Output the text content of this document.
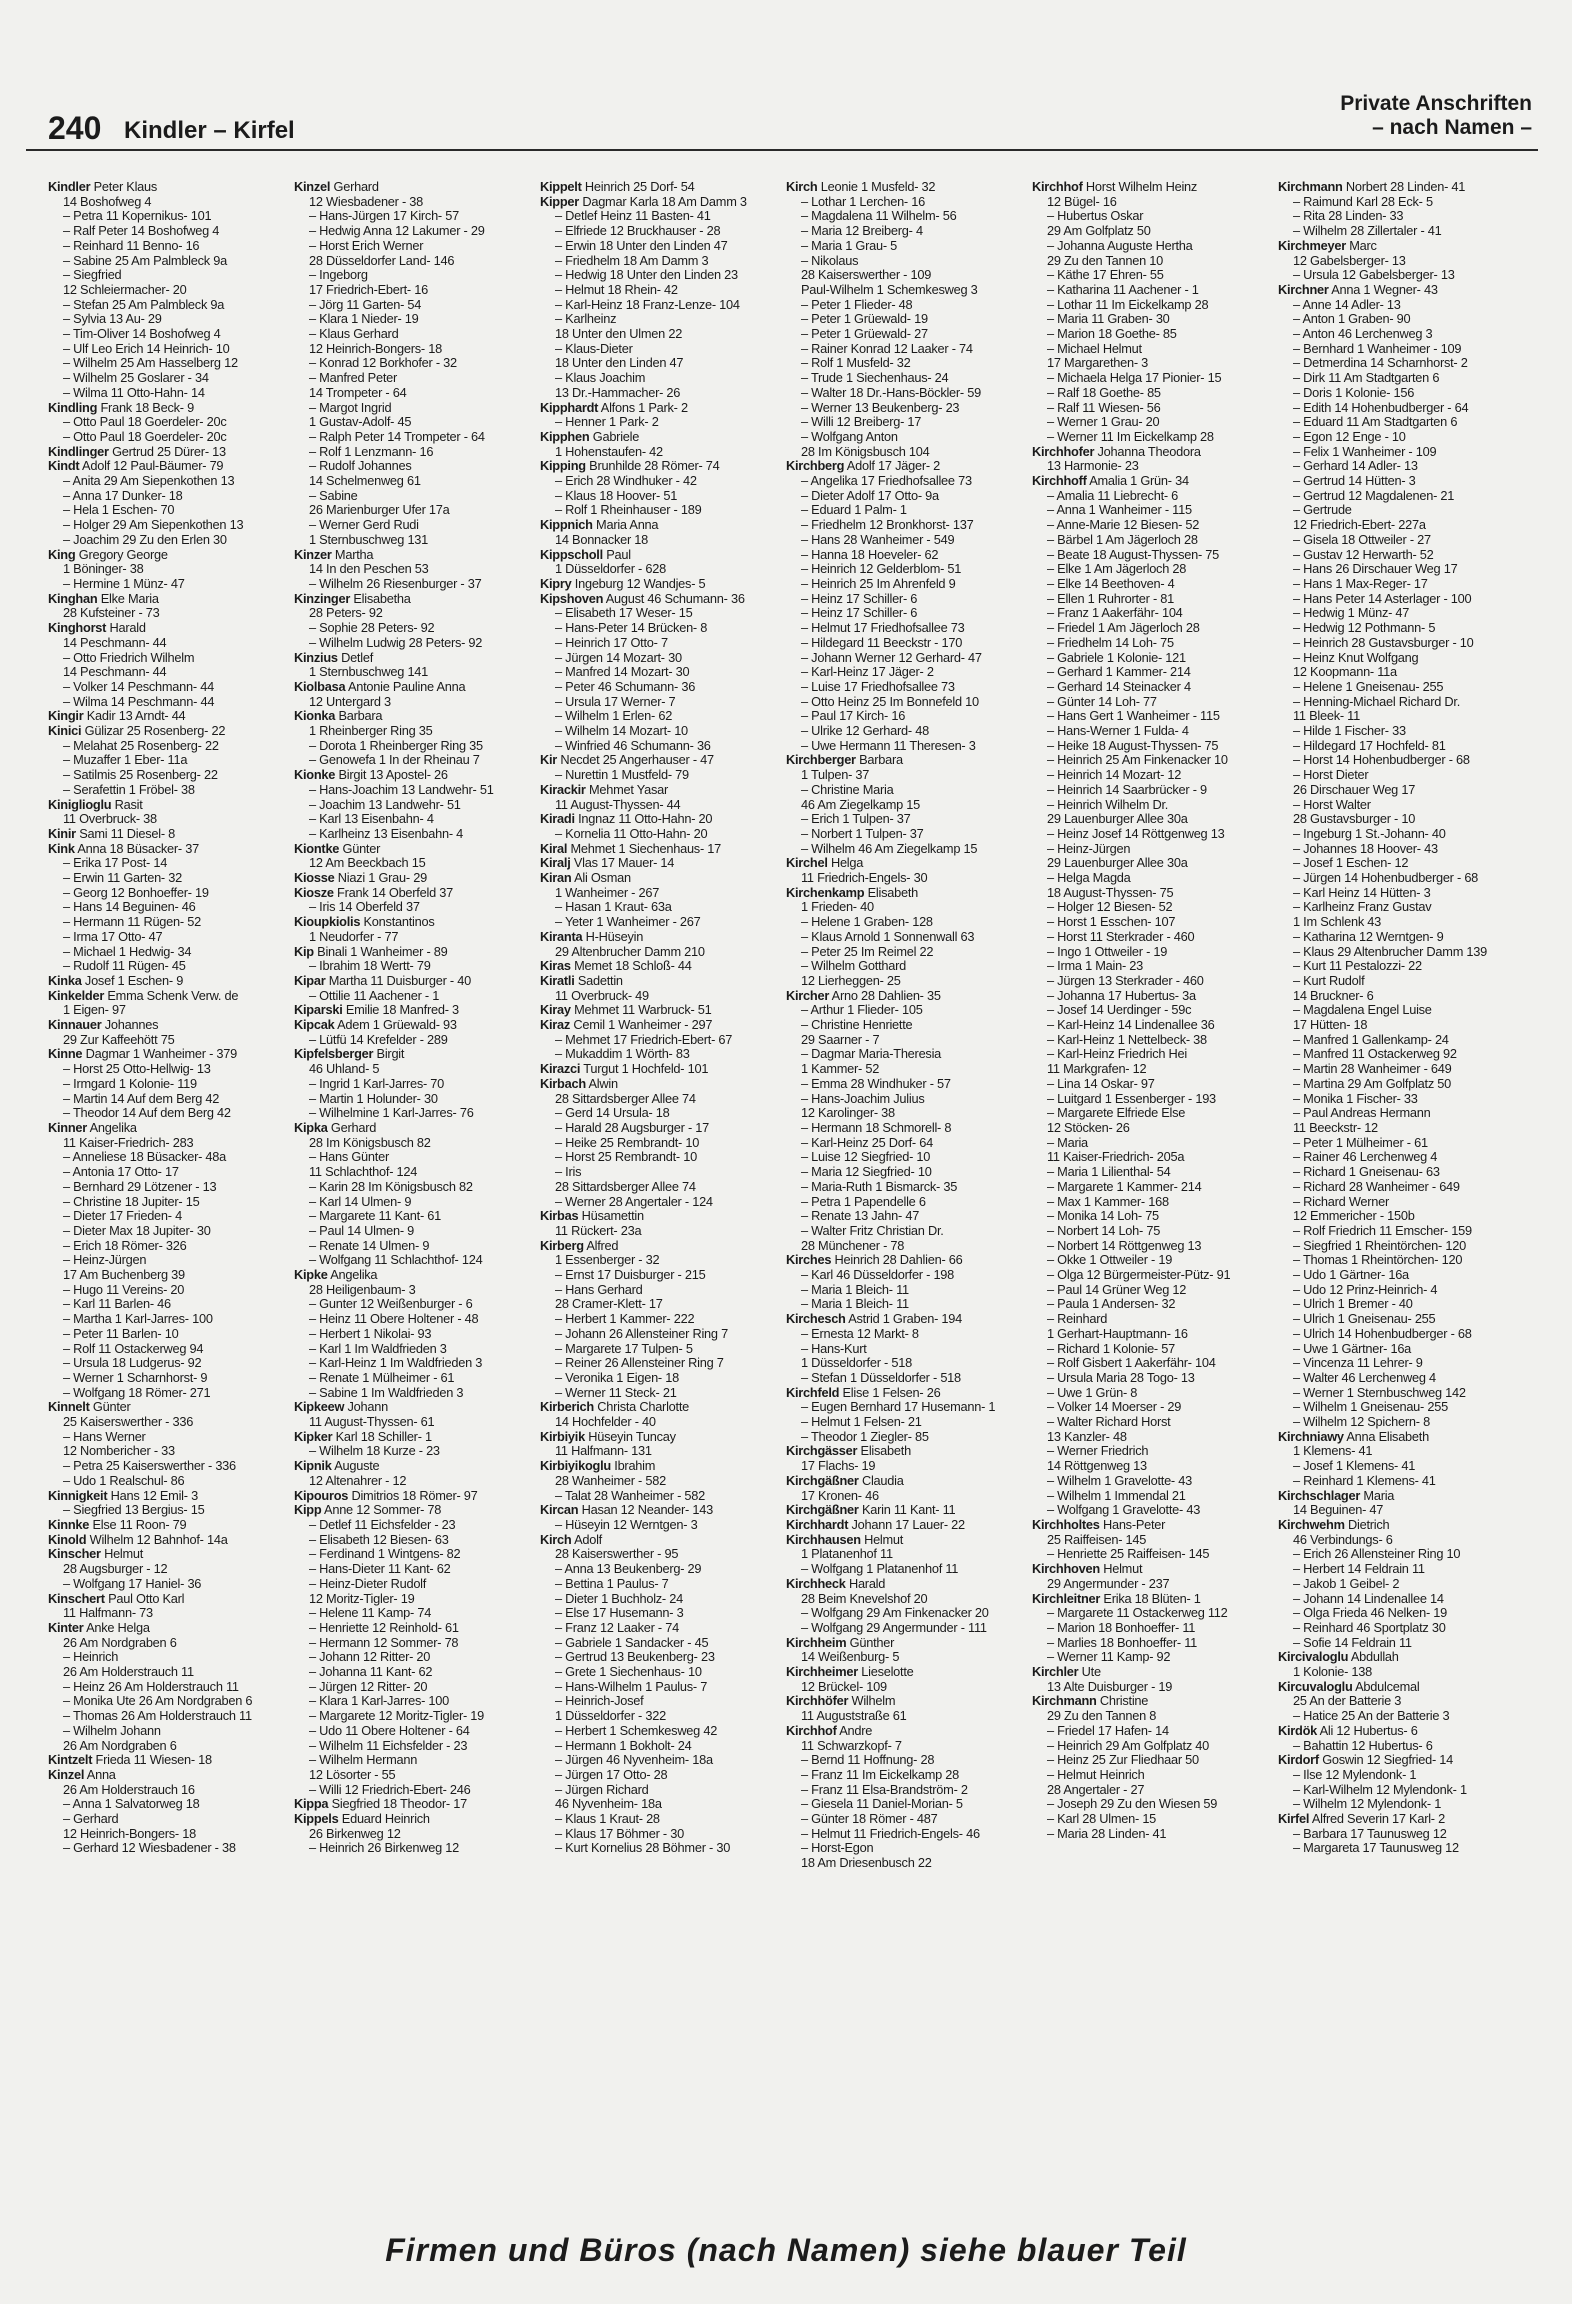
240 Kindler – Kirfel
Private Anschriften
– nach Namen –
Kindler Peter Klaus
14 Boshofweg 4
– Petra 11 Kopernikus- 101
– Ralf Peter 14 Boshofweg 4
– Reinhard 11 Benno- 16
– Sabine 25 Am Palmbleck 9a
– Siegfried
12 Schleiermacher- 20
– Stefan 25 Am Palmbleck 9a
– Sylvia 13 Au- 29
– Tim-Oliver 14 Boshofweg 4
– Ulf Leo Erich 14 Heinrich- 10
– Wilhelm 25 Am Hasselberg 12
– Wilhelm 25 Goslarer - 34
– Wilma 11 Otto-Hahn- 14
Kindling Frank 18 Beck- 9
– Otto Paul 18 Goerdeler- 20c
– Otto Paul 18 Goerdeler- 20c
Kindlinger Gertrud 25 Dürer- 13
Kindt Adolf 12 Paul-Bäumer- 79
– Anita 29 Am Siepenkothen 13
– Anna 17 Dunker- 18
– Hela 1 Eschen- 70
– Holger 29 Am Siepenkothen 13
– Joachim 29 Zu den Erlen 30
King Gregory George
1 Böninger- 38
– Hermine 1 Münz- 47
Kinghan Elke Maria
28 Kufsteiner - 73
Kinghorst Harald
14 Peschmann- 44
– Otto Friedrich Wilhelm
14 Peschmann- 44
– Volker 14 Peschmann- 44
– Wilma 14 Peschmann- 44
Kingir Kadir 13 Arndt- 44
Kinici Gülizar 25 Rosenberg- 22
– Melahat 25 Rosenberg- 22
– Muzaffer 1 Eber- 11a
– Satilmis 25 Rosenberg- 22
– Serafettin 1 Fröbel- 38
Kiniglioglu Rasit
11 Overbruck- 38
Kinir Sami 11 Diesel- 8
Kink Anna 18 Büsacker- 37
– Erika 17 Post- 14
– Erwin 11 Garten- 32
– Georg 12 Bonhoeffer- 19
– Hans 14 Beguinen- 46
– Hermann 11 Rügen- 52
– Irma 17 Otto- 47
– Michael 1 Hedwig- 34
– Rudolf 11 Rügen- 45
Kinka Josef 1 Eschen- 9
Kinkelder Emma Schenk Verw. de
1 Eigen- 97
Kinnauer Johannes
29 Zur Kaffeehött 75
Kinne Dagmar 1 Wanheimer - 379
– Horst 25 Otto-Hellwig- 13
– Irmgard 1 Kolonie- 119
– Martin 14 Auf dem Berg 42
– Theodor 14 Auf dem Berg 42
Kinner Angelika
11 Kaiser-Friedrich- 283
– Anneliese 18 Büsacker- 48a
– Antonia 17 Otto- 17
– Bernhard 29 Lötzener - 13
– Christine 18 Jupiter- 15
– Dieter 17 Frieden- 4
– Dieter Max 18 Jupiter- 30
– Erich 18 Römer- 326
– Heinz-Jürgen
17 Am Buchenberg 39
– Hugo 11 Vereins- 20
– Karl 11 Barlen- 46
– Martha 1 Karl-Jarres- 100
– Peter 11 Barlen- 10
– Rolf 11 Ostackerweg 94
– Ursula 18 Ludgerus- 92
– Werner 1 Scharnhorst- 9
– Wolfgang 18 Römer- 271
Kinnelt Günter
25 Kaiserswerther - 336
– Hans Werner
12 Nombericher - 33
– Petra 25 Kaiserswerther - 336
– Udo 1 Realschul- 86
Kinnigkeit Hans 12 Emil- 3
– Siegfried 13 Bergius- 15
Kinnke Else 11 Roon- 79
Kinold Wilhelm 12 Bahnhof- 14a
Kinscher Helmut
28 Augsburger - 12
– Wolfgang 17 Haniel- 36
Kinschert Paul Otto Karl
11 Halfmann- 73
Kinter Anke Helga
26 Am Nordgraben 6
– Heinrich
26 Am Holderstrauch 11
– Heinz 26 Am Holderstrauch 11
– Monika Ute 26 Am Nordgraben 6
– Thomas 26 Am Holderstrauch 11
– Wilhelm Johann
26 Am Nordgraben 6
Kintzelt Frieda 11 Wiesen- 18
Kinzel Anna
26 Am Holderstrauch 16
– Anna 1 Salvatorweg 18
– Gerhard
12 Heinrich-Bongers- 18
– Gerhard 12 Wiesbadener - 38
Kinzel Gerhard
12 Wiesbadener - 38
– Hans-Jürgen 17 Kirch- 57
– Hedwig Anna 12 Lakumer - 29
– Horst Erich Werner
28 Düsseldorfer Land- 146
– Ingeborg
17 Friedrich-Ebert- 16
– Jörg 11 Garten- 54
– Klara 1 Nieder- 19
– Klaus Gerhard
12 Heinrich-Bongers- 18
– Konrad 12 Borkhofer - 32
– Manfred Peter
14 Trompeter - 64
– Margot Ingrid
1 Gustav-Adolf- 45
– Ralph Peter 14 Trompeter - 64
– Rolf 1 Lenzmann- 16
– Rudolf Johannes
14 Schelmenweg 61
– Sabine
26 Marienburger Ufer 17a
– Werner Gerd Rudi
1 Sternbuschweg 131
Kinzer Martha
14 In den Peschen 53
– Wilhelm 26 Riesenburger - 37
Kinzinger Elisabetha
28 Peters- 92
– Sophie 28 Peters- 92
– Wilhelm Ludwig 28 Peters- 92
Kinzius Detlef
1 Sternbuschweg 141
Kiolbasa Antonie Pauline Anna
12 Untergard 3
Kionka Barbara
1 Rheinberger Ring 35
– Dorota 1 Rheinberger Ring 35
– Genowefa 1 In der Rheinau 7
Kionke Birgit 13 Apostel- 26
– Hans-Joachim 13 Landwehr- 51
– Joachim 13 Landwehr- 51
– Karl 13 Eisenbahn- 4
– Karlheinz 13 Eisenbahn- 4
Kiontke Günter
12 Am Beeckbach 15
Kiosse Niazi 1 Grau- 29
Kiosze Frank 14 Oberfeld 37
– Iris 14 Oberfeld 37
Kioupkiolis Konstantinos
1 Neudorfer - 77
Kip Binali 1 Wanheimer - 89
– Ibrahim 18 Wertt- 79
Kipar Martha 11 Duisburger - 40
– Ottilie 11 Aachener - 1
Kiparski Emilie 18 Manfred- 3
Kipcak Adem 1 Grüewald- 93
– Lütfü 14 Krefelder - 289
Kipfelsberger Birgit
46 Uhland- 5
– Ingrid 1 Karl-Jarres- 70
– Martin 1 Holunder- 30
– Wilhelmine 1 Karl-Jarres- 76
Kipka Gerhard
28 Im Königsbusch 82
– Hans Günter
11 Schlachthof- 124
– Karin 28 Im Königsbusch 82
– Karl 14 Ulmen- 9
– Margarete 11 Kant- 61
– Paul 14 Ulmen- 9
– Renate 14 Ulmen- 9
– Wolfgang 11 Schlachthof- 124
Kipke Angelika
28 Heiligenbaum- 3
– Gunter 12 Weißenburger - 6
– Heinz 11 Obere Holtener - 48
– Herbert 1 Nikolai- 93
– Karl 1 Im Waldfrieden 3
– Karl-Heinz 1 Im Waldfrieden 3
– Renate 1 Mülheimer - 61
– Sabine 1 Im Waldfrieden 3
Kipkeew Johann
11 August-Thyssen- 61
Kipker Karl 18 Schiller- 1
– Wilhelm 18 Kurze - 23
Kipnik Auguste
12 Altenahrer - 12
Kipouros Dimitrios 18 Römer- 97
Kipp Anne 12 Sommer- 78
– Detlef 11 Eichsfelder - 23
– Elisabeth 12 Biesen- 63
– Ferdinand 1 Wintgens- 82
– Hans-Dieter 11 Kant- 62
– Heinz-Dieter Rudolf
12 Moritz-Tigler- 19
– Helene 11 Kamp- 74
– Henriette 12 Reinhold- 61
– Hermann 12 Sommer- 78
– Johann 12 Ritter- 20
– Johanna 11 Kant- 62
– Jürgen 12 Ritter- 20
– Klara 1 Karl-Jarres- 100
– Margarete 12 Moritz-Tigler- 19
– Udo 11 Obere Holtener - 64
– Wilhelm 11 Eichsfelder - 23
– Wilhelm Hermann
12 Lösorter - 55
– Willi 12 Friedrich-Ebert- 246
Kippa Siegfried 18 Theodor- 17
Kippels Eduard Heinrich
26 Birkenweg 12
– Heinrich 26 Birkenweg 12
Kippelt Heinrich 25 Dorf- 54
Kipper Dagmar Karla 18 Am Damm 3
– Detlef Heinz 11 Basten- 41
– Elfriede 12 Bruckhauser - 28
– Erwin 18 Unter den Linden 47
– Friedhelm 18 Am Damm 3
– Hedwig 18 Unter den Linden 23
– Helmut 18 Rhein- 42
– Karl-Heinz 18 Franz-Lenze- 104
– Karlheinz
18 Unter den Ulmen 22
– Klaus-Dieter
18 Unter den Linden 47
– Klaus Joachim
13 Dr.-Hammacher- 26
Kipphardt Alfons 1 Park- 2
– Henner 1 Park- 2
Kipphen Gabriele
1 Hohenstaufen- 42
Kipping Brunhilde 28 Römer- 74
– Erich 28 Windhuker - 42
– Klaus 18 Hoover- 51
– Rolf 1 Rheinhauser - 189
Kippnich Maria Anna
14 Bonnacker 18
Kippscholl Paul
1 Düsseldorfer - 628
Kipry Ingeburg 12 Wandjes- 5
Kipshoven August 46 Schumann- 36
– Elisabeth 17 Weser- 15
– Hans-Peter 14 Brücken- 8
– Heinrich 17 Otto- 7
– Jürgen 14 Mozart- 30
– Manfred 14 Mozart- 30
– Peter 46 Schumann- 36
– Ursula 17 Werner- 7
– Wilhelm 1 Erlen- 62
– Wilhelm 14 Mozart- 10
– Winfried 46 Schumann- 36
Kir Necdet 25 Angerhauser - 47
– Nurettin 1 Mustfeld- 79
Kirackir Mehmet Yasar
11 August-Thyssen- 44
Kiradi Ingnaz 11 Otto-Hahn- 20
– Kornelia 11 Otto-Hahn- 20
Kiral Mehmet 1 Siechenhaus- 17
Kiralj Vlas 17 Mauer- 14
Kiran Ali Osman
1 Wanheimer - 267
– Hasan 1 Kraut- 63a
– Yeter 1 Wanheimer - 267
Kiranta H-Hüseyin
29 Altenbrucher Damm 210
Kiras Memet 18 Schloß- 44
Kiratli Sadettin
11 Overbruck- 49
Kiray Mehmet 11 Warbruck- 51
Kiraz Cemil 1 Wanheimer - 297
– Mehmet 17 Friedrich-Ebert- 67
– Mukaddim 1 Wörth- 83
Kirazci Turgut 1 Hochfeld- 101
Kirbach Alwin
28 Sittardsberger Allee 74
– Gerd 14 Ursula- 18
– Harald 28 Augsburger - 17
– Heike 25 Rembrandt- 10
– Horst 25 Rembrandt- 10
– Iris
28 Sittardsberger Allee 74
– Werner 28 Angertaler - 124
Kirbas Hüsamettin
11 Rückert- 23a
Kirberg Alfred
1 Essenberger - 32
– Ernst 17 Duisburger - 215
– Hans Gerhard
28 Cramer-Klett- 17
– Herbert 1 Kammer- 222
– Johann 26 Allensteiner Ring 7
– Margarete 17 Tulpen- 5
– Reiner 26 Allensteiner Ring 7
– Veronika 1 Eigen- 18
– Werner 11 Steck- 21
Kirberich Christa Charlotte
14 Hochfelder - 40
Kirbiyik Hüseyin Tuncay
11 Halfmann- 131
Kirbiyikoglu Ibrahim
28 Wanheimer - 582
– Talat 28 Wanheimer - 582
Kircan Hasan 12 Neander- 143
– Hüseyin 12 Werntgen- 3
Kirch Adolf
28 Kaiserswerther - 95
– Anna 13 Beukenberg- 29
– Bettina 1 Paulus- 7
– Dieter 1 Buchholz- 24
– Else 17 Husemann- 3
– Franz 12 Laaker - 74
– Gabriele 1 Sandacker - 45
– Gertrud 13 Beukenberg- 23
– Grete 1 Siechenhaus- 10
– Hans-Wilhelm 1 Paulus- 7
– Heinrich-Josef
1 Düsseldorfer - 322
– Herbert 1 Schemkesweg 42
– Hermann 1 Bokholt- 24
– Jürgen 46 Nyvenheim- 18a
– Jürgen 17 Otto- 28
– Jürgen Richard
46 Nyvenheim- 18a
– Klaus 1 Kraut- 28
– Klaus 17 Böhmer - 30
– Kurt Kornelius 28 Böhmer - 30
Kirch Leonie 1 Musfeld- 32
– Lothar 1 Lerchen- 16
– Magdalena 11 Wilhelm- 56
– Maria 12 Breiberg- 4
– Maria 1 Grau- 5
– Nikolaus
28 Kaiserswerther - 109
Paul-Wilhelm 1 Schemkesweg 3
– Peter 1 Flieder- 48
– Peter 1 Grüewald- 19
– Peter 1 Grüewald- 27
– Rainer Konrad 12 Laaker - 74
– Rolf 1 Musfeld- 32
– Trude 1 Siechenhaus- 24
– Walter 18 Dr.-Hans-Böckler- 59
– Werner 13 Beukenberg- 23
– Willi 12 Breiberg- 17
– Wolfgang Anton
28 Im Königsbusch 104
Kirchberg Adolf 17 Jäger- 2
– Angelika 17 Friedhofsallee 73
– Dieter Adolf 17 Otto- 9a
– Eduard 1 Palm- 1
– Friedhelm 12 Bronkhorst- 137
– Hans 28 Wanheimer - 549
– Hanna 18 Hoeveler- 62
– Heinrich 12 Gelderblom- 51
– Heinrich 25 Im Ahrenfeld 9
– Heinz 17 Schiller- 6
– Heinz 17 Schiller- 6
– Helmut 17 Friedhofsallee 73
– Hildegard 11 Beeckstr - 170
– Johann Werner 12 Gerhard- 47
– Karl-Heinz 17 Jäger- 2
– Luise 17 Friedhofsallee 73
– Otto Heinz 25 Im Bonnefeld 10
– Paul 17 Kirch- 16
– Ulrike 12 Gerhard- 48
– Uwe Hermann 11 Theresen- 3
Kirchberger Barbara
1 Tulpen- 37
– Christine Maria
46 Am Ziegelkamp 15
– Erich 1 Tulpen- 37
– Norbert 1 Tulpen- 37
– Wilhelm 46 Am Ziegelkamp 15
Kirchel Helga
11 Friedrich-Engels- 30
Kirchenkamp Elisabeth
1 Frieden- 40
– Helene 1 Graben- 128
– Klaus Arnold 1 Sonnenwall 63
– Peter 25 Im Reimel 22
– Wilhelm Gotthard
12 Lierheggen- 25
Kircher Arno 28 Dahlien- 35
– Arthur 1 Flieder- 105
– Christine Henriette
29 Saarner - 7
– Dagmar Maria-Theresia
1 Kammer- 52
– Emma 28 Windhuker - 57
– Hans-Joachim Julius
12 Karolinger- 38
– Hermann 18 Schmorell- 8
– Karl-Heinz 25 Dorf- 64
– Luise 12 Siegfried- 10
– Maria 12 Siegfried- 10
– Maria-Ruth 1 Bismarck- 35
– Petra 1 Papendelle 6
– Renate 13 Jahn- 47
– Walter Fritz Christian Dr.
28 Münchener - 78
Kirches Heinrich 28 Dahlien- 66
– Karl 46 Düsseldorfer - 198
– Maria 1 Bleich- 11
– Maria 1 Bleich- 11
Kirchesch Astrid 1 Graben- 194
– Ernesta 12 Markt- 8
– Hans-Kurt
1 Düsseldorfer - 518
– Stefan 1 Düsseldorfer - 518
Kirchfeld Elise 1 Felsen- 26
– Eugen Bernhard 17 Husemann- 1
– Helmut 1 Felsen- 21
– Theodor 1 Ziegler- 85
Kirchgässer Elisabeth
17 Flachs- 19
Kirchgäßner Claudia
17 Kronen- 46
Kirchgäßner Karin 11 Kant- 11
Kirchhardt Johann 17 Lauer- 22
Kirchhausen Helmut
1 Platanenhof 11
– Wolfgang 1 Platanenhof 11
Kirchheck Harald
28 Beim Knevelshof 20
– Wolfgang 29 Am Finkenacker 20
– Wolfgang 29 Angermunder - 111
Kirchheim Günther
14 Weißenburg- 5
Kirchheimer Lieselotte
12 Brückel- 109
Kirchhöfer Wilhelm
11 Auguststraße 61
Kirchhof Andre
11 Schwarzkopf- 7
– Bernd 11 Hoffnung- 28
– Franz 11 Im Eickelkamp 28
– Franz 11 Elsa-Brandström- 2
– Giesela 11 Daniel-Morian- 5
– Günter 18 Römer - 487
– Helmut 11 Friedrich-Engels- 46
– Horst-Egon
18 Am Driesenbusch 22
Kirchhof Horst Wilhelm Heinz
12 Bügel- 16
– Hubertus Oskar
29 Am Golfplatz 50
– Johanna Auguste Hertha
29 Zu den Tannen 10
– Käthe 17 Ehren- 55
– Katharina 11 Aachener - 1
– Lothar 11 Im Eickelkamp 28
– Maria 11 Graben- 30
– Marion 18 Goethe- 85
– Michael Helmut
17 Margarethen- 3
– Michaela Helga 17 Pionier- 15
– Ralf 18 Goethe- 85
– Ralf 11 Wiesen- 56
– Werner 1 Grau- 20
– Werner 11 Im Eickelkamp 28
Kirchhofer Johanna Theodora
13 Harmonie- 23
Kirchhoff Amalia 1 Grün- 34
– Amalia 11 Liebrecht- 6
– Anna 1 Wanheimer - 115
– Anne-Marie 12 Biesen- 52
– Bärbel 1 Am Jägerloch 28
– Beate 18 August-Thyssen- 75
– Elke 1 Am Jägerloch 28
– Elke 14 Beethoven- 4
– Ellen 1 Ruhrorter - 81
– Franz 1 Aakerfähr- 104
– Friedel 1 Am Jägerloch 28
– Friedhelm 14 Loh- 75
– Gabriele 1 Kolonie- 121
– Gerhard 1 Kammer- 214
– Gerhard 14 Steinacker 4
– Günter 14 Loh- 77
– Hans Gert 1 Wanheimer - 115
– Hans-Werner 1 Fulda- 4
– Heike 18 August-Thyssen- 75
– Heinrich 25 Am Finkenacker 10
– Heinrich 14 Mozart- 12
– Heinrich 14 Saarbrücker - 9
– Heinrich Wilhelm Dr.
29 Lauenburger Allee 30a
– Heinz Josef 14 Röttgenweg 13
– Heinz-Jürgen
29 Lauenburger Allee 30a
– Helga Magda
18 August-Thyssen- 75
– Holger 12 Biesen- 52
– Horst 1 Esschen- 107
– Horst 11 Sterkrader - 460
– Ingo 1 Ottweiler - 19
– Irma 1 Main- 23
– Jürgen 13 Sterkrader - 460
– Johanna 17 Hubertus- 3a
– Josef 14 Uerdinger - 59c
– Karl-Heinz 14 Lindenallee 36
– Karl-Heinz 1 Nettelbeck- 38
– Karl-Heinz Friedrich Hei
11 Markgrafen- 12
– Lina 14 Oskar- 97
– Luitgard 1 Essenberger - 193
– Margarete Elfriede Else
12 Stöcken- 26
– Maria
11 Kaiser-Friedrich- 205a
– Maria 1 Lilienthal- 54
– Margarete 1 Kammer- 214
– Max 1 Kammer- 168
– Monika 14 Loh- 75
– Norbert 14 Loh- 75
– Norbert 14 Röttgenweg 13
– Okke 1 Ottweiler - 19
– Olga 12 Bürgermeister-Pütz- 91
– Paul 14 Grüner Weg 12
– Paula 1 Andersen- 32
– Reinhard
1 Gerhart-Hauptmann- 16
– Richard 1 Kolonie- 57
– Rolf Gisbert 1 Aakerfähr- 104
– Ursula Maria 28 Togo- 13
– Uwe 1 Grün- 8
– Volker 14 Moerser - 29
– Walter Richard Horst
13 Kanzler- 48
– Werner Friedrich
14 Röttgenweg 13
– Wilhelm 1 Gravelotte- 43
– Wilhelm 1 Immendal 21
– Wolfgang 1 Gravelotte- 43
Kirchholtes Hans-Peter
25 Raiffeisen- 145
– Henriette 25 Raiffeisen- 145
Kirchhoven Helmut
29 Angermunder - 237
Kirchleitner Erika 18 Blüten- 1
– Margarete 11 Ostackerweg 112
– Marion 18 Bonhoeffer- 11
– Marlies 18 Bonhoeffer- 11
– Werner 11 Kamp- 92
Kirchler Ute
13 Alte Duisburger - 19
Kirchmann Christine
29 Zu den Tannen 8
– Friedel 17 Hafen- 14
– Heinrich 29 Am Golfplatz 40
– Heinz 25 Zur Fliedhaar 50
– Helmut Heinrich
28 Angertaler - 27
– Joseph 29 Zu den Wiesen 59
– Karl 28 Ulmen- 15
– Maria 28 Linden- 41
Kirchmann Norbert 28 Linden- 41
– Raimund Karl 28 Eck- 5
– Rita 28 Linden- 33
– Wilhelm 28 Zillertaler - 41
Kirchmeyer Marc
12 Gabelsberger- 13
– Ursula 12 Gabelsberger- 13
Kirchner Anna 1 Wegner- 43
– Anne 14 Adler- 13
– Anton 1 Graben- 90
– Anton 46 Lerchenweg 3
– Bernhard 1 Wanheimer - 109
– Detmerdina 14 Scharnhorst- 2
– Dirk 11 Am Stadtgarten 6
– Doris 1 Kolonie- 156
– Edith 14 Hohenbudberger - 64
– Eduard 11 Am Stadtgarten 6
– Egon 12 Enge - 10
– Felix 1 Wanheimer - 109
– Gerhard 14 Adler- 13
– Gertrud 14 Hütten- 3
– Gertrud 12 Magdalenen- 21
– Gertrude
12 Friedrich-Ebert- 227a
– Gisela 18 Ottweiler - 27
– Gustav 12 Herwarth- 52
– Hans 26 Dirschauer Weg 17
– Hans 1 Max-Reger- 17
– Hans Peter 14 Asterlager - 100
– Hedwig 1 Münz- 47
– Hedwig 12 Pothmann- 5
– Heinrich 28 Gustavsburger - 10
– Heinz Knut Wolfgang
12 Koopmann- 11a
– Helene 1 Gneisenau- 255
– Henning-Michael Richard Dr.
11 Bleek- 11
– Hilde 1 Fischer- 33
– Hildegard 17 Hochfeld- 81
– Horst 14 Hohenbudberger - 68
– Horst Dieter
26 Dirschauer Weg 17
– Horst Walter
28 Gustavsburger - 10
– Ingeburg 1 St.-Johann- 40
– Johannes 18 Hoover- 43
– Josef 1 Eschen- 12
– Jürgen 14 Hohenbudberger - 68
– Karl Heinz 14 Hütten- 3
– Karlheinz Franz Gustav
1 Im Schlenk 43
– Katharina 12 Werntgen- 9
– Klaus 29 Altenbrucher Damm 139
– Kurt 11 Pestalozzi- 22
– Kurt Rudolf
14 Bruckner- 6
– Magdalena Engel Luise
17 Hütten- 18
– Manfred 1 Gallenkamp- 24
– Manfred 11 Ostackerweg 92
– Martin 28 Wanheimer - 649
– Martina 29 Am Golfplatz 50
– Monika 1 Fischer- 33
– Paul Andreas Hermann
11 Beeckstr- 12
– Peter 1 Mülheimer - 61
– Rainer 46 Lerchenweg 4
– Richard 1 Gneisenau- 63
– Richard 28 Wanheimer - 649
– Richard Werner
12 Emmericher - 150b
– Rolf Friedrich 11 Emscher- 159
– Siegfried 1 Rheintörchen- 120
– Thomas 1 Rheintörchen- 120
– Udo 1 Gärtner- 16a
– Udo 12 Prinz-Heinrich- 4
– Ulrich 1 Bremer - 40
– Ulrich 1 Gneisenau- 255
– Ulrich 14 Hohenbudberger - 68
– Uwe 1 Gärtner- 16a
– Vincenza 11 Lehrer- 9
– Walter 46 Lerchenweg 4
– Werner 1 Sternbuschweg 142
– Wilhelm 1 Gneisenau- 255
– Wilhelm 12 Spichern- 8
Kirchniawy Anna Elisabeth
1 Klemens- 41
– Josef 1 Klemens- 41
– Reinhard 1 Klemens- 41
Kirchschlager Maria
14 Beguinen- 47
Kirchwehm Dietrich
46 Verbindungs- 6
– Erich 26 Allensteiner Ring 10
– Herbert 14 Feldrain 11
– Jakob 1 Geibel- 2
– Johann 14 Lindenallee 14
– Olga Frieda 46 Nelken- 19
– Reinhard 46 Sportplatz 30
– Sofie 14 Feldrain 11
Kircivaloglu Abdullah
1 Kolonie- 138
Kircuvaloglu Abdulcemal
25 An der Batterie 3
– Hatice 25 An der Batterie 3
Kirdök Ali 12 Hubertus- 6
– Bahattin 12 Hubertus- 6
Kirdorf Goswin 12 Siegfried- 14
– Ilse 12 Mylendonk- 1
– Karl-Wilhelm 12 Mylendonk- 1
– Wilhelm 12 Mylendonk- 1
Kirfel Alfred Severin 17 Karl- 2
– Barbara 17 Taunusweg 12
– Margareta 17 Taunusweg 12
Firmen und Büros (nach Namen) siehe blauer Teil
